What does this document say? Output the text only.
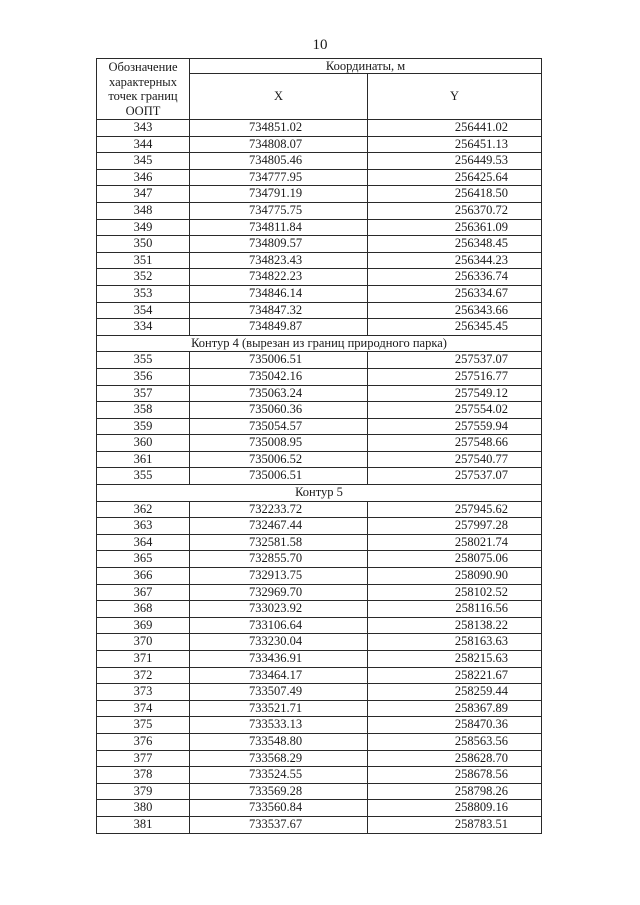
10
Обозначение характерных точек границ ООПТ	Координаты, м	
	X	Y
343	734851.02	256441.02
344	734808.07	256451.13
345	734805.46	256449.53
346	734777.95	256425.64
347	734791.19	256418.50
348	734775.75	256370.72
349	734811.84	256361.09
350	734809.57	256348.45
351	734823.43	256344.23
352	734822.23	256336.74
353	734846.14	256334.67
354	734847.32	256343.66
334	734849.87	256345.45
Контур 4 (вырезан из границ природного парка)		
355	735006.51	257537.07
356	735042.16	257516.77
357	735063.24	257549.12
358	735060.36	257554.02
359	735054.57	257559.94
360	735008.95	257548.66
361	735006.52	257540.77
355	735006.51	257537.07
Контур 5		
362	732233.72	257945.62
363	732467.44	257997.28
364	732581.58	258021.74
365	732855.70	258075.06
366	732913.75	258090.90
367	732969.70	258102.52
368	733023.92	258116.56
369	733106.64	258138.22
370	733230.04	258163.63
371	733436.91	258215.63
372	733464.17	258221.67
373	733507.49	258259.44
374	733521.71	258367.89
375	733533.13	258470.36
376	733548.80	258563.56
377	733568.29	258628.70
378	733524.55	258678.56
379	733569.28	258798.26
380	733560.84	258809.16
381	733537.67	258783.51
